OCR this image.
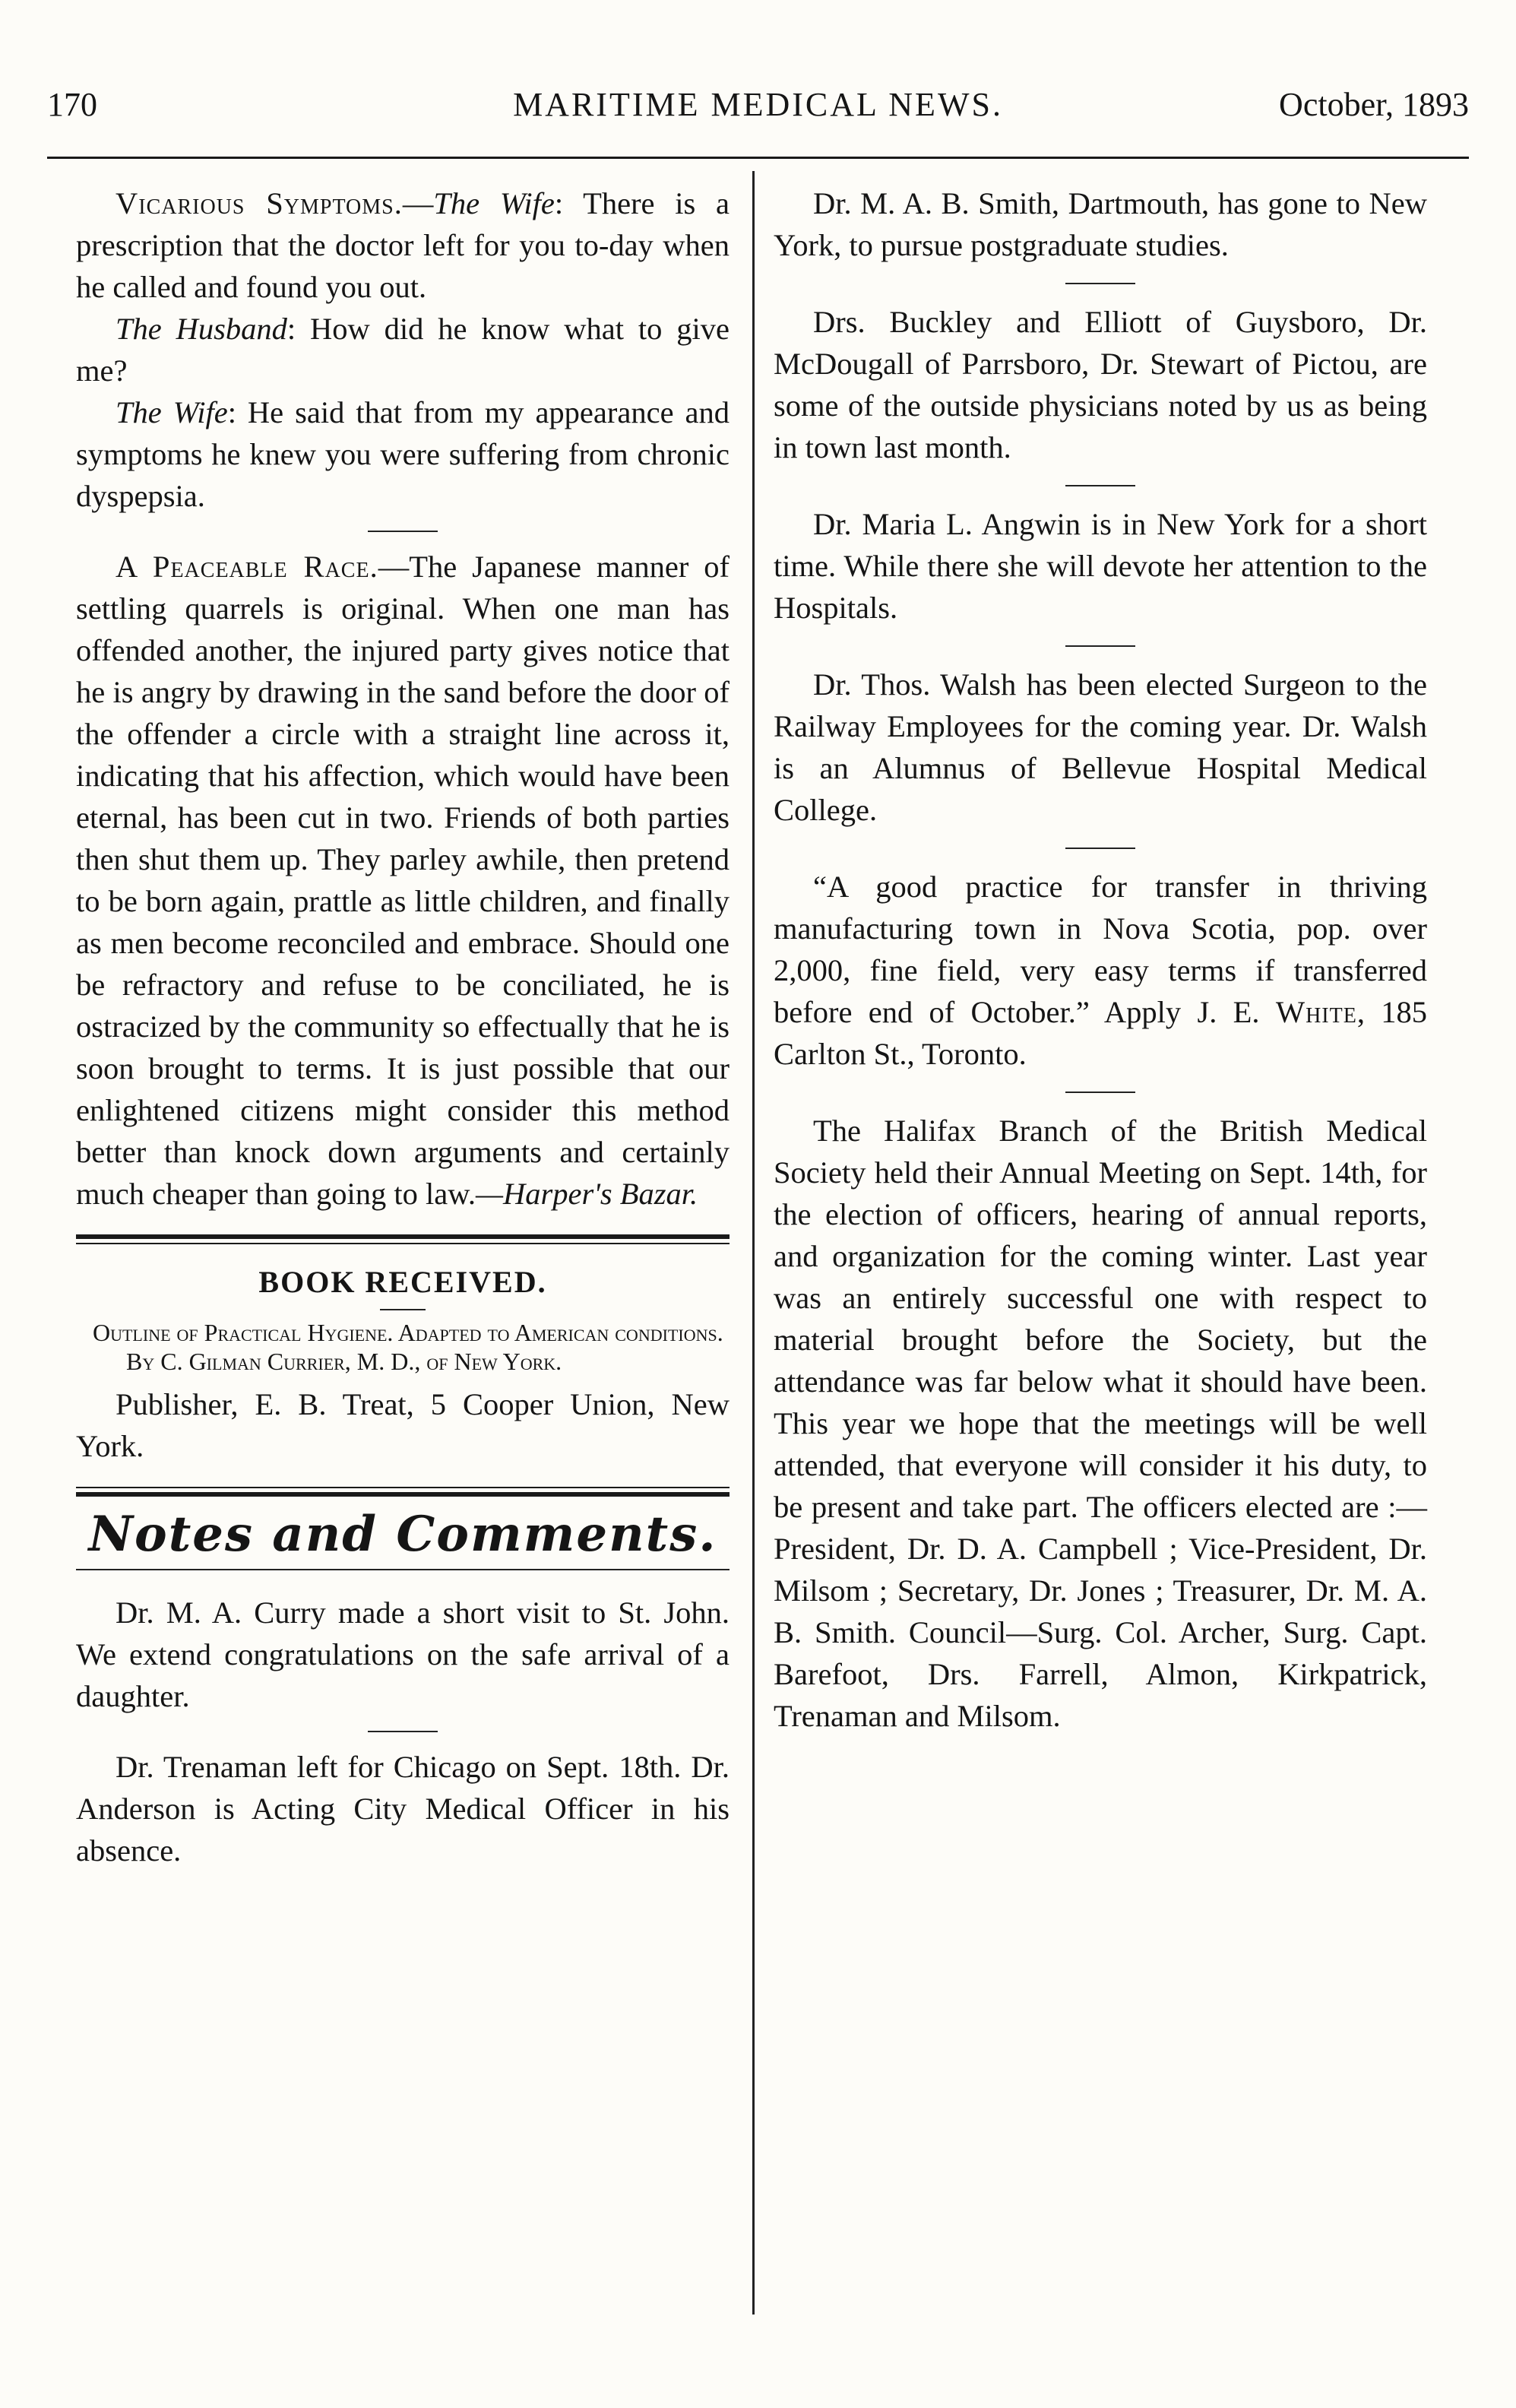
170	MARITIME MEDICAL NEWS.	October, 1893

Vicarious Symptoms.—The Wife: There is a prescription that the doctor left for you to-day when he called and found you out.

The Husband: How did he know what to give me?

The Wife: He said that from my appearance and symptoms he knew you were suffering from chronic dyspepsia.

A Peaceable Race.—The Japanese manner of settling quarrels is original. When one man has offended another, the injured party gives notice that he is angry by drawing in the sand before the door of the offender a circle with a straight line across it, indicating that his affection, which would have been eternal, has been cut in two. Friends of both parties then shut them up. They parley awhile, then pretend to be born again, prattle as little children, and finally as men become reconciled and embrace. Should one be refractory and refuse to be conciliated, he is ostracized by the community so effectually that he is soon brought to terms. It is just possible that our enlightened citizens might consider this method better than knock down arguments and certainly much cheaper than going to law.—Harper's Bazar.

BOOK RECEIVED.
Outline of Practical Hygiene. Adapted to American conditions. By C. Gilman Currier, M. D., of New York.

Publisher, E. B. Treat, 5 Cooper Union, New York.

Notes and Comments.

Dr. M. A. Curry made a short visit to St. John. We extend congratulations on the safe arrival of a daughter.

Dr. Trenaman left for Chicago on Sept. 18th. Dr. Anderson is Acting City Medical Officer in his absence.

Dr. M. A. B. Smith, Dartmouth, has gone to New York, to pursue postgraduate studies.

Drs. Buckley and Elliott of Guysboro, Dr. McDougall of Parrsboro, Dr. Stewart of Pictou, are some of the outside physicians noted by us as being in town last month.

Dr. Maria L. Angwin is in New York for a short time. While there she will devote her attention to the Hospitals.

Dr. Thos. Walsh has been elected Surgeon to the Railway Employees for the coming year. Dr. Walsh is an Alumnus of Bellevue Hospital Medical College.

“A good practice for transfer in thriving manufacturing town in Nova Scotia, pop. over 2,000, fine field, very easy terms if transferred before end of October.” Apply J. E. White, 185 Carlton St., Toronto.

The Halifax Branch of the British Medical Society held their Annual Meeting on Sept. 14th, for the election of officers, hearing of annual reports, and organization for the coming winter. Last year was an entirely successful one with respect to material brought before the Society, but the attendance was far below what it should have been. This year we hope that the meetings will be well attended, that everyone will consider it his duty, to be present and take part. The officers elected are :—President, Dr. D. A. Campbell ; Vice-President, Dr. Milsom ; Secretary, Dr. Jones ; Treasurer, Dr. M. A. B. Smith. Council—Surg. Col. Archer, Surg. Capt. Barefoot, Drs. Farrell, Almon, Kirkpatrick, Trenaman and Milsom.
